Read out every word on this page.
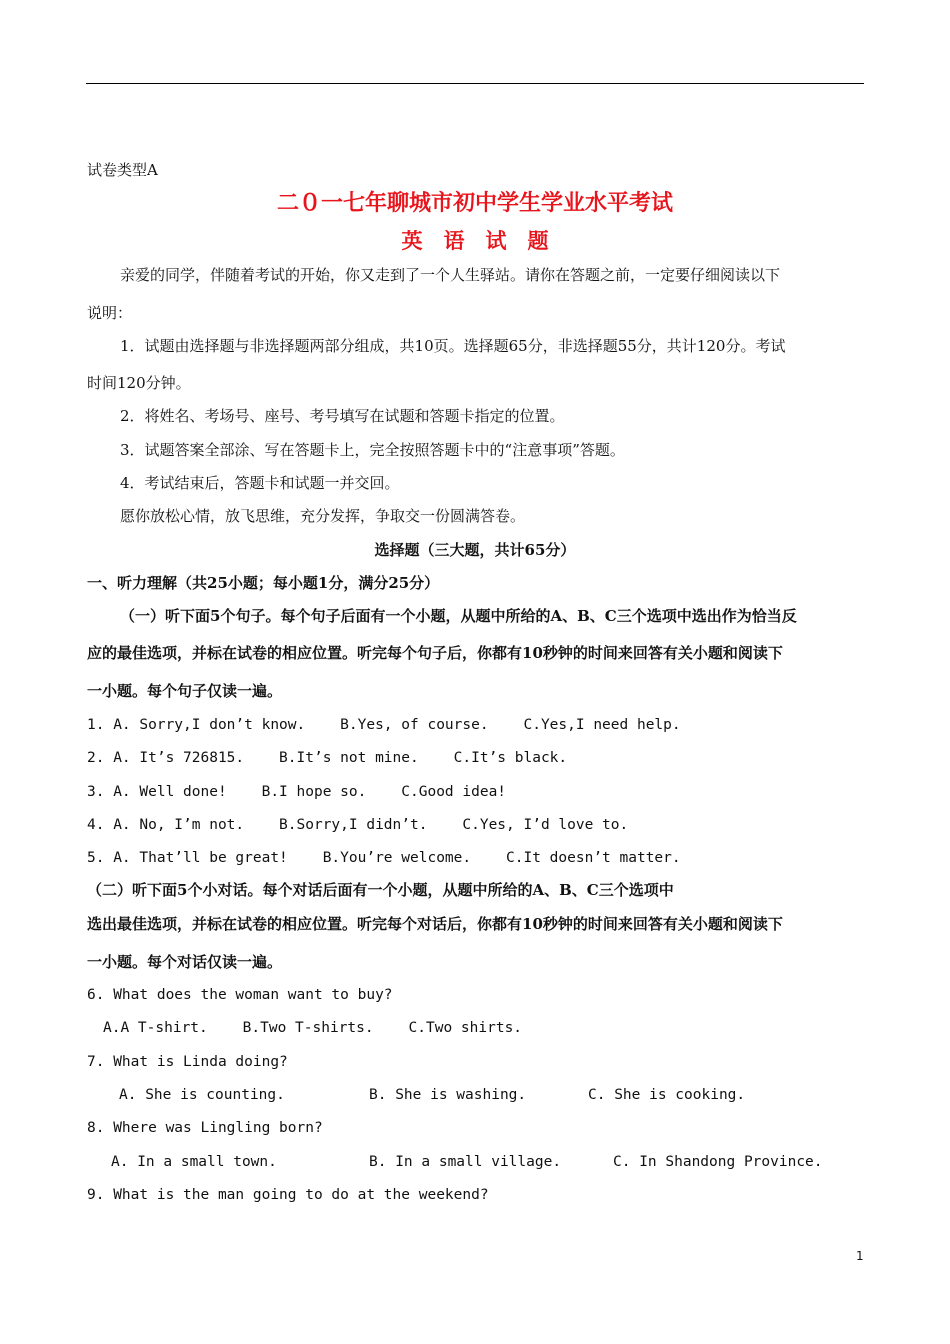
试卷类型A
二０一七年聊城市初中学生学业水平考试
英　语　试　题
亲爱的同学，伴随着考试的开始，你又走到了一个人生驿站。请你在答题之前，一定要仔细阅读以下
说明：
1．试题由选择题与非选择题两部分组成，共10页。选择题65分，非选择题55分，共计120分。考试
时间120分钟。
2．将姓名、考场号、座号、考号填写在试题和答题卡指定的位置。
3．试题答案全部涂、写在答题卡上，完全按照答题卡中的“注意事项”答题。
4．考试结束后，答题卡和试题一并交回。
愿你放松心情，放飞思维，充分发挥，争取交一份圆满答卷。
选择题（三大题，共计65分）
一、听力理解（共25小题；每小题1分，满分25分）
（一）听下面5个句子。每个句子后面有一个小题，从题中所给的A、B、C三个选项中选出作为恰当反
应的最佳选项，并标在试卷的相应位置。听完每个句子后，你都有10秒钟的时间来回答有关小题和阅读下
一小题。每个句子仅读一遍。
1. A. Sorry,I don’t know.    B.Yes, of course.    C.Yes,I need help.
2. A. It’s 726815.    B.It’s not mine.    C.It’s black.
3. A. Well done!    B.I hope so.    C.Good idea!
4. A. No, I’m not.    B.Sorry,I didn’t.    C.Yes, I’d love to.
5. A. That’ll be great!    B.You’re welcome.    C.It doesn’t matter.
（二）听下面5个小对话。每个对话后面有一个小题，从题中所给的A、B、C三个选项中
选出最佳选项，并标在试卷的相应位置。听完每个对话后，你都有10秒钟的时间来回答有关小题和阅读下
一小题。每个对话仅读一遍。
6. What does the woman want to buy?
A.A T-shirt.    B.Two T-shirts.    C.Two shirts.
7. What is Linda doing?
A. She is counting.	B. She is washing.	C. She is cooking.
8. Where was Lingling born?
A. In a small town.	B. In a small village.	C. In Shandong Province.
9. What is the man going to do at the weekend?
1
